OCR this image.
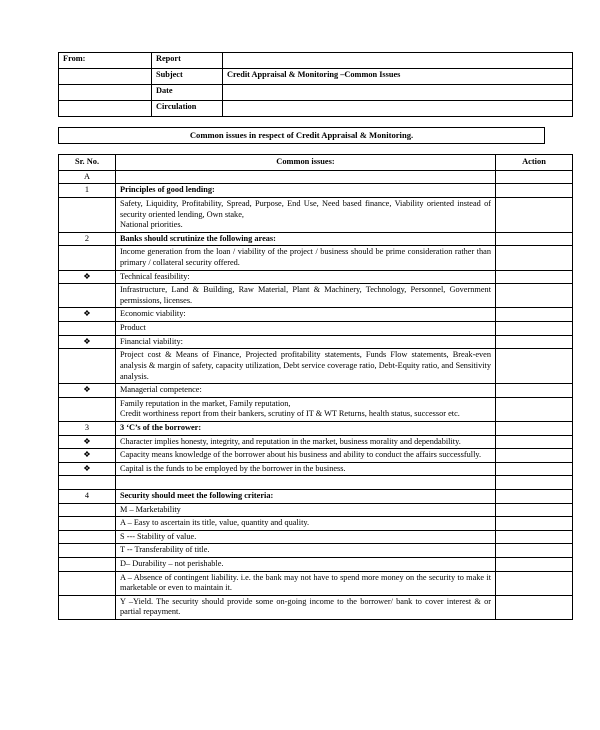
From:	Report	
	Subject	Credit Appraisal & Monitoring –Common Issues
	Date	
	Circulation	
Common issues in respect of Credit Appraisal & Monitoring.
Sr. No.	Common issues:	Action
A		
1	Principles of good lending:	
	Safety, Liquidity, Profitability, Spread, Purpose, End Use, Need based finance, Viability oriented instead of security oriented lending, Own stake,
National priorities.	
2	Banks should scrutinize the following areas:	
	Income generation from the loan / viability of the project / business should be prime consideration rather than primary / collateral security offered.	
❖	Technical feasibility:	
	Infrastructure, Land & Building, Raw Material, Plant & Machinery, Technology, Personnel, Government permissions, licenses.	
❖	Economic viability:	
	Product	
❖	Financial viability:	
	Project cost & Means of Finance, Projected profitability statements, Funds Flow statements, Break-even analysis & margin of safety, capacity utilization, Debt service coverage ratio, Debt-Equity ratio, and Sensitivity analysis.	
❖	Managerial competence:	
	Family reputation in the market, Family reputation,
Credit worthiness report from their bankers, scrutiny of IT & WT Returns, health status, successor etc.	
3	3 ‘C’s of the borrower:	
❖	Character implies honesty, integrity, and reputation in the market, business morality and dependability.	
❖	Capacity means knowledge of the borrower about his business and ability to conduct the affairs successfully.	
❖	Capital is the funds to be employed by the borrower in the business.	

4	Security should meet the following criteria:	
	M – Marketability	
	A – Easy to ascertain its title, value, quantity and quality.	
	S --- Stability of value.	
	T -- Transferability of title.	
	D– Durability – not perishable.	
	A – Absence of contingent liability. i.e. the bank may not have to spend more money on the security to make it marketable or even to maintain it.	
	Y –Yield. The security should provide some on-going income to the borrower/ bank to cover interest & or partial repayment.	
